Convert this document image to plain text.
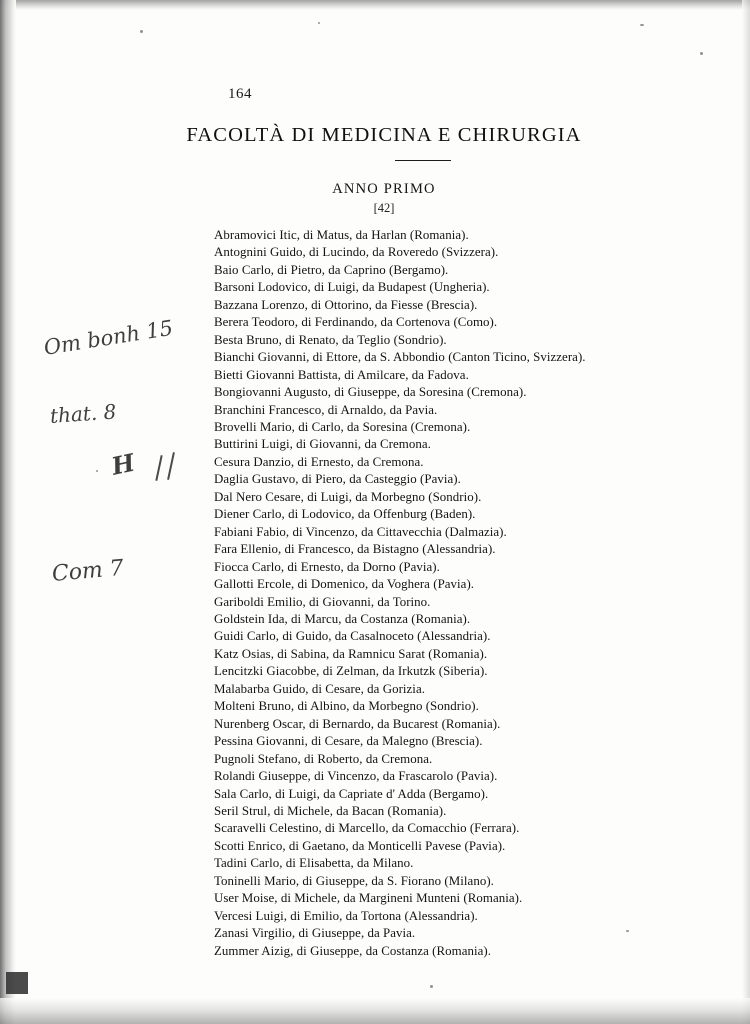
164
FACOLTÀ DI MEDICINA E CHIRURGIA
ANNO PRIMO
[42]
Abramovici Itic, di Matus, da Harlan (Romania).
Antognini Guido, di Lucindo, da Roveredo (Svizzera).
Baio Carlo, di Pietro, da Caprino (Bergamo).
Barsoni Lodovico, di Luigi, da Budapest (Ungheria).
Bazzana Lorenzo, di Ottorino, da Fiesse (Brescia).
Berera Teodoro, di Ferdinando, da Cortenova (Como).
Besta Bruno, di Renato, da Teglio (Sondrio).
Bianchi Giovanni, di Ettore, da S. Abbondio (Canton Ticino, Svizzera).
Bietti Giovanni Battista, di Amilcare, da Fadova.
Bongiovanni Augusto, di Giuseppe, da Soresina (Cremona).
Branchini Francesco, di Arnaldo, da Pavia.
Brovelli Mario, di Carlo, da Soresina (Cremona).
Buttirini Luigi, di Giovanni, da Cremona.
Cesura Danzio, di Ernesto, da Cremona.
Daglia Gustavo, di Piero, da Casteggio (Pavia).
Dal Nero Cesare, di Luigi, da Morbegno (Sondrio).
Diener Carlo, di Lodovico, da Offenburg (Baden).
Fabiani Fabio, di Vincenzo, da Cittavecchia (Dalmazia).
Fara Ellenio, di Francesco, da Bistagno (Alessandria).
Fiocca Carlo, di Ernesto, da Dorno (Pavia).
Gallotti Ercole, di Domenico, da Voghera (Pavia).
Gariboldi Emilio, di Giovanni, da Torino.
Goldstein Ida, di Marcu, da Costanza (Romania).
Guidi Carlo, di Guido, da Casalnoceto (Alessandria).
Katz Osias, di Sabina, da Ramnicu Sarat (Romania).
Lencitzki Giacobbe, di Zelman, da Irkutzk (Siberia).
Malabarba Guido, di Cesare, da Gorizia.
Molteni Bruno, di Albino, da Morbegno (Sondrio).
Nurenberg Oscar, di Bernardo, da Bucarest (Romania).
Pessina Giovanni, di Cesare, da Malegno (Brescia).
Pugnoli Stefano, di Roberto, da Cremona.
Rolandi Giuseppe, di Vincenzo, da Frascarolo (Pavia).
Sala Carlo, di Luigi, da Capriate d' Adda (Bergamo).
Seril Strul, di Michele, da Bacan (Romania).
Scaravelli Celestino, di Marcello, da Comacchio (Ferrara).
Scotti Enrico, di Gaetano, da Monticelli Pavese (Pavia).
Tadini Carlo, di Elisabetta, da Milano.
Toninelli Mario, di Giuseppe, da S. Fiorano (Milano).
User Moise, di Michele, da Margineni Munteni (Romania).
Vercesi Luigi, di Emilio, da Tortona (Alessandria).
Zanasi Virgilio, di Giuseppe, da Pavia.
Zummer Aizig, di Giuseppe, da Costanza (Romania).
Om bonh 15
that. 8
H
Com 7
